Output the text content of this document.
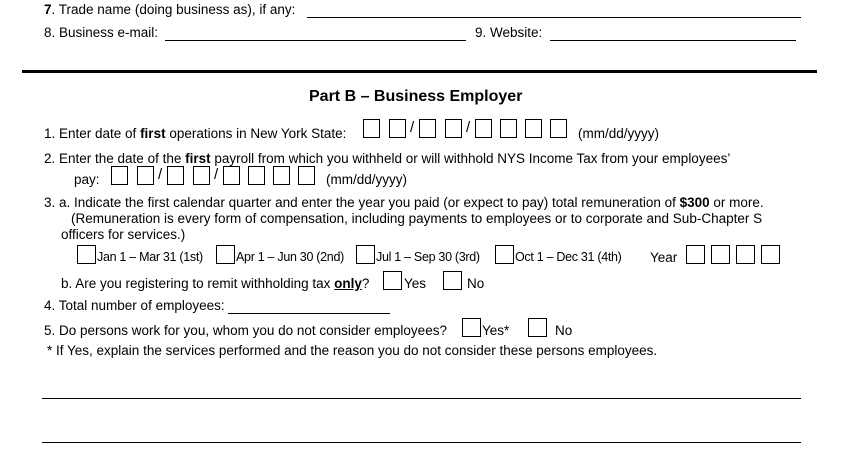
7. Trade name (doing business as), if any:
8. Business e-mail:	9. Website:
Part B – Business Employer
1. Enter date of first operations in New York State:	/	/	(mm/dd/yyyy)
2. Enter the date of the first payroll from which you withheld or will withhold NYS Income Tax from your employees’
pay:	/	/	(mm/dd/yyyy)
3. a. Indicate the first calendar quarter and enter the year you paid (or expect to pay) total remuneration of $300 or more.
(Remuneration is every form of compensation, including payments to employees or to corporate and Sub-Chapter S
officers for services.)
Jan 1 – Mar 31 (1st)	Apr 1 – Jun 30 (2nd)	Jul 1 – Sep 30 (3rd)	Oct 1 – Dec 31 (4th) Year
b. Are you registering to remit withholding tax only?	Yes	No
4. Total number of employees:
5. Do persons work for you, whom you do not consider employees?	Yes*	No
* If Yes, explain the services performed and the reason you do not consider these persons employees.
